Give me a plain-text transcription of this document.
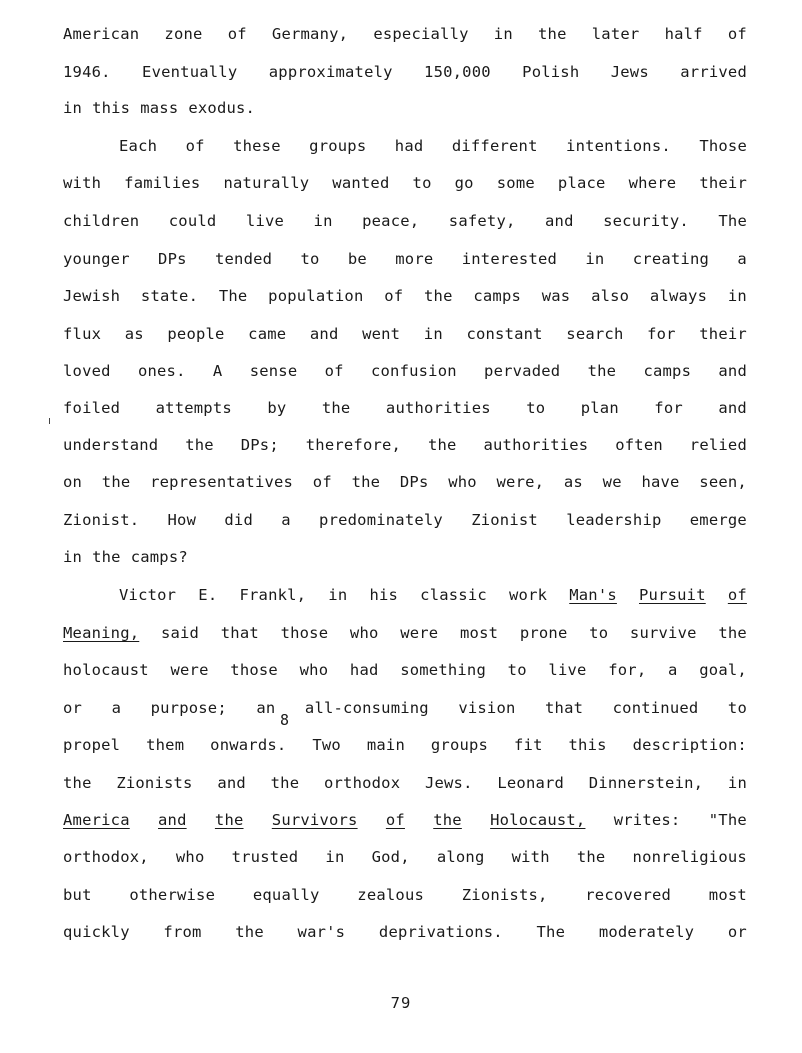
American zone of Germany, especially in the later half of
1946. Eventually approximately 150,000 Polish Jews arrived
in this mass exodus.
Each of these groups had different intentions. Those
with families naturally wanted to go some place where their
children could live in peace, safety, and security. The
younger DPs tended to be more interested in creating a
Jewish state. The population of the camps was also always in
flux as people came and went in constant search for their
loved ones. A sense of confusion pervaded the camps and
foiled attempts by the authorities to plan for and
understand the DPs; therefore, the authorities often relied
on the representatives of the DPs who were, as we have seen,
Zionist. How did a predominately Zionist leadership emerge
in the camps?
Victor E. Frankl, in his classic work Man's Pursuit of
Meaning, said that those who were most prone to survive the
holocaust were those who had something to live for, a goal,
or a purpose; an all-consuming vision that continued to
propel them onwards. Two main groups fit this description:
the Zionists and the orthodox Jews. Leonard Dinnerstein, in
America and the Survivors of the Holocaust, writes: "The
orthodox, who trusted in God, along with the nonreligious
but otherwise equally zealous Zionists, recovered most
quickly from the war's deprivations. The moderately or
8
79
